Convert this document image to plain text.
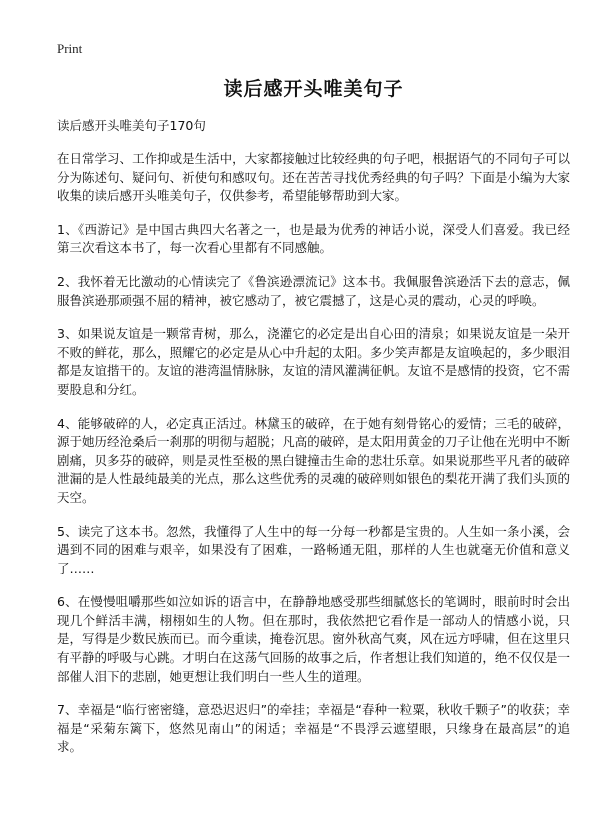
Print
读后感开头唯美句子
读后感开头唯美句子170句
在日常学习、工作抑或是生活中，大家都接触过比较经典的句子吧，根据语气的不同句子可以分为陈述句、疑问句、祈使句和感叹句。还在苦苦寻找优秀经典的句子吗？下面是小编为大家收集的读后感开头唯美句子，仅供参考，希望能够帮助到大家。
1、《西游记》是中国古典四大名著之一，也是最为优秀的神话小说，深受人们喜爱。我已经第三次看这本书了，每一次看心里都有不同感触。
2、我怀着无比激动的心情读完了《鲁滨逊漂流记》这本书。我佩服鲁滨逊活下去的意志，佩服鲁滨逊那顽强不屈的精神，被它感动了，被它震撼了，这是心灵的震动，心灵的呼唤。
3、如果说友谊是一颗常青树，那么，浇灌它的必定是出自心田的清泉；如果说友谊是一朵开不败的鲜花，那么，照耀它的必定是从心中升起的太阳。多少笑声都是友谊唤起的，多少眼泪都是友谊揩干的。友谊的港湾温情脉脉，友谊的清风灌满征帆。友谊不是感情的投资，它不需要股息和分红。
4、能够破碎的人，必定真正活过。林黛玉的破碎，在于她有刻骨铭心的爱情；三毛的破碎，源于她历经沧桑后一刹那的明彻与超脱；凡高的破碎，是太阳用黄金的刀子让他在光明中不断剧痛，贝多芬的破碎，则是灵性至极的黑白键撞击生命的悲壮乐章。如果说那些平凡者的破碎泄漏的是人性最纯最美的光点，那么这些优秀的灵魂的破碎则如银色的梨花开满了我们头顶的天空。
5、读完了这本书。忽然，我懂得了人生中的每一分每一秒都是宝贵的。人生如一条小溪，会遇到不同的困难与艰辛，如果没有了困难，一路畅通无阻，那样的人生也就毫无价值和意义了……
6、在慢慢咀嚼那些如泣如诉的语言中，在静静地感受那些细腻悠长的笔调时，眼前时时会出现几个鲜活丰满，栩栩如生的人物。但在那时，我依然把它看作是一部动人的情感小说，只是，写得是少数民族而已。而今重读，掩卷沉思。窗外秋高气爽，风在远方呼啸，但在这里只有平静的呼吸与心跳。才明白在这荡气回肠的故事之后，作者想让我们知道的，绝不仅仅是一部催人泪下的悲剧，她更想让我们明白一些人生的道理。
7、幸福是“临行密密缝，意恐迟迟归”的牵挂；幸福是“春种一粒粟，秋收千颗子”的收获；幸福是“采菊东篱下，悠然见南山”的闲适；幸福是“不畏浮云遮望眼，只缘身在最高层”的追求。
